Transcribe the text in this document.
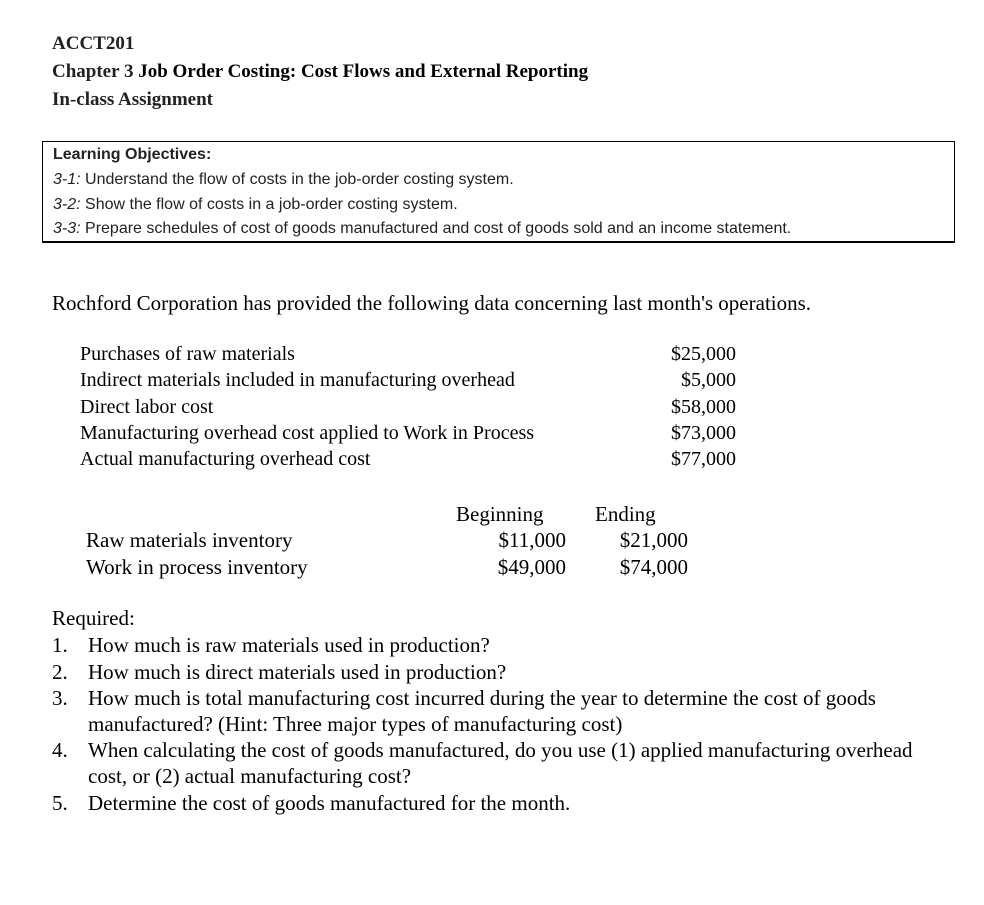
ACCT201
Chapter 3 Job Order Costing: Cost Flows and External Reporting
In-class Assignment
Learning Objectives:
3-1: Understand the flow of costs in the job-order costing system.
3-2: Show the flow of costs in a job-order costing system.
3-3: Prepare schedules of cost of goods manufactured and cost of goods sold and an income statement.
Rochford Corporation has provided the following data concerning last month's operations.
Purchases of raw materials	$25,000
Indirect materials included in manufacturing overhead	$5,000
Direct labor cost	$58,000
Manufacturing overhead cost applied to Work in Process	$73,000
Actual manufacturing overhead cost	$77,000
Beginning Ending
Raw materials inventory	$11,000	$21,000
Work in process inventory	$49,000	$74,000
Required:
1. How much is raw materials used in production?
2. How much is direct materials used in production?
3. How much is total manufacturing cost incurred during the year to determine the cost of goods manufactured? (Hint: Three major types of manufacturing cost)
4. When calculating the cost of goods manufactured, do you use (1) applied manufacturing overhead cost, or (2) actual manufacturing cost?
5. Determine the cost of goods manufactured for the month.
